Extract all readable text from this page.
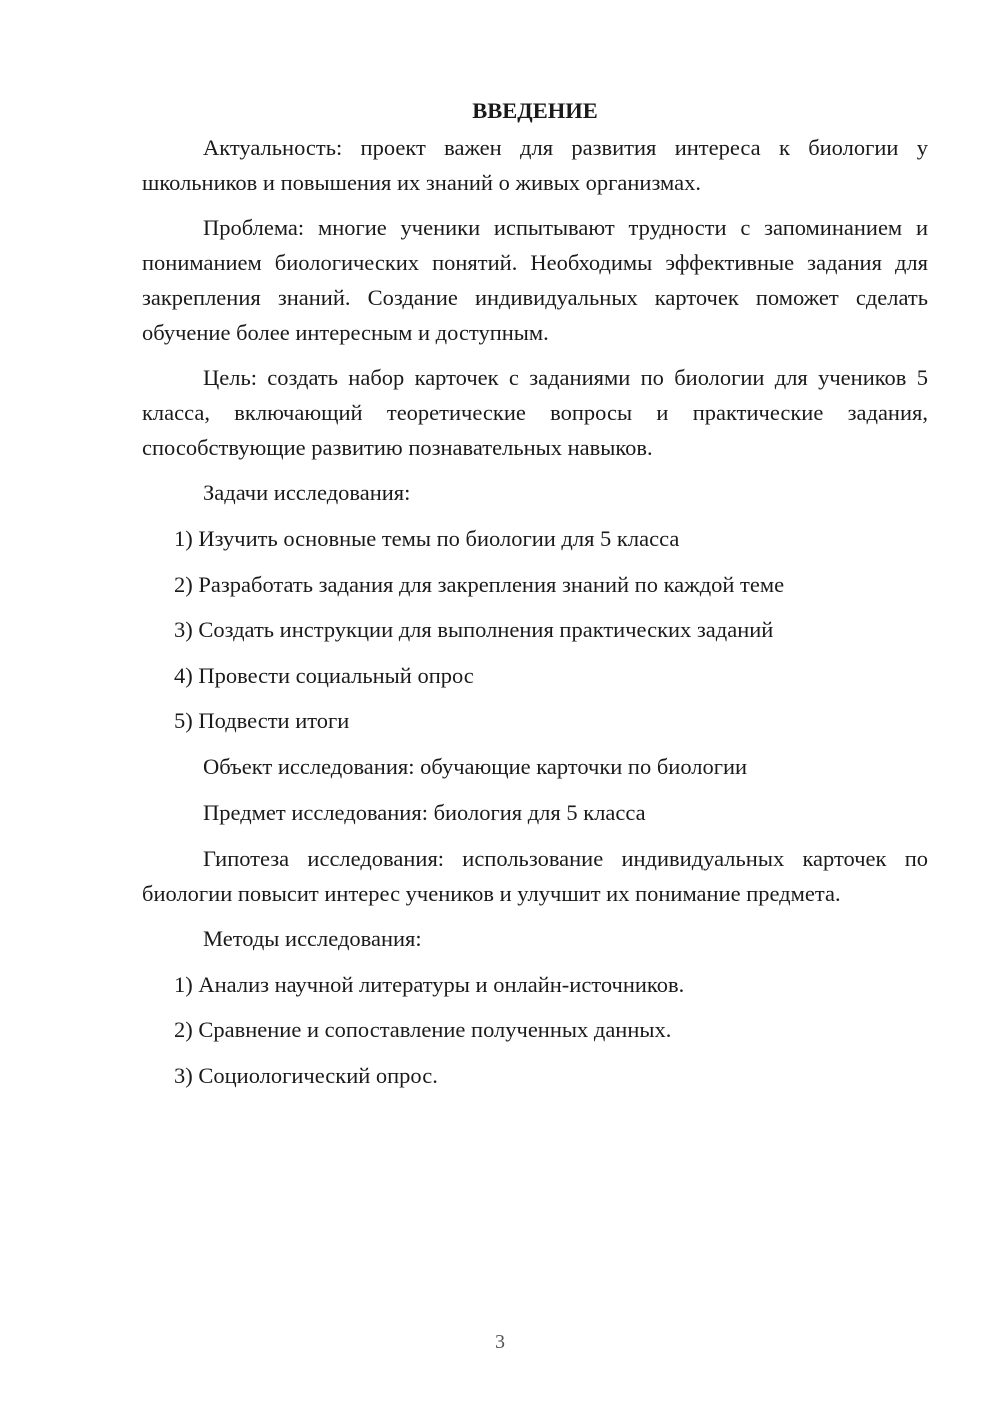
ВВЕДЕНИЕ

Актуальность: проект важен для развития интереса к биологии у школьников и повышения их знаний о живых организмах.

Проблема: многие ученики испытывают трудности с запоминанием и пониманием биологических понятий. Необходимы эффективные задания для закрепления знаний. Создание индивидуальных карточек поможет сделать обучение более интересным и доступным.

Цель: создать набор карточек с заданиями по биологии для учеников 5 класса, включающий теоретические вопросы и практические задания, способствующие развитию познавательных навыков.

Задачи исследования:
1) Изучить основные темы по биологии для 5 класса
2) Разработать задания для закрепления знаний по каждой теме
3) Создать инструкции для выполнения практических заданий
4) Провести социальный опрос
5) Подвести итоги
Объект исследования: обучающие карточки по биологии
Предмет исследования: биология для 5 класса

Гипотеза исследования: использование индивидуальных карточек по биологии повысит интерес учеников и улучшит их понимание предмета.

Методы исследования:
1) Анализ научной литературы и онлайн-источников.
2) Сравнение и сопоставление полученных данных.
3) Социологический опрос.
3
